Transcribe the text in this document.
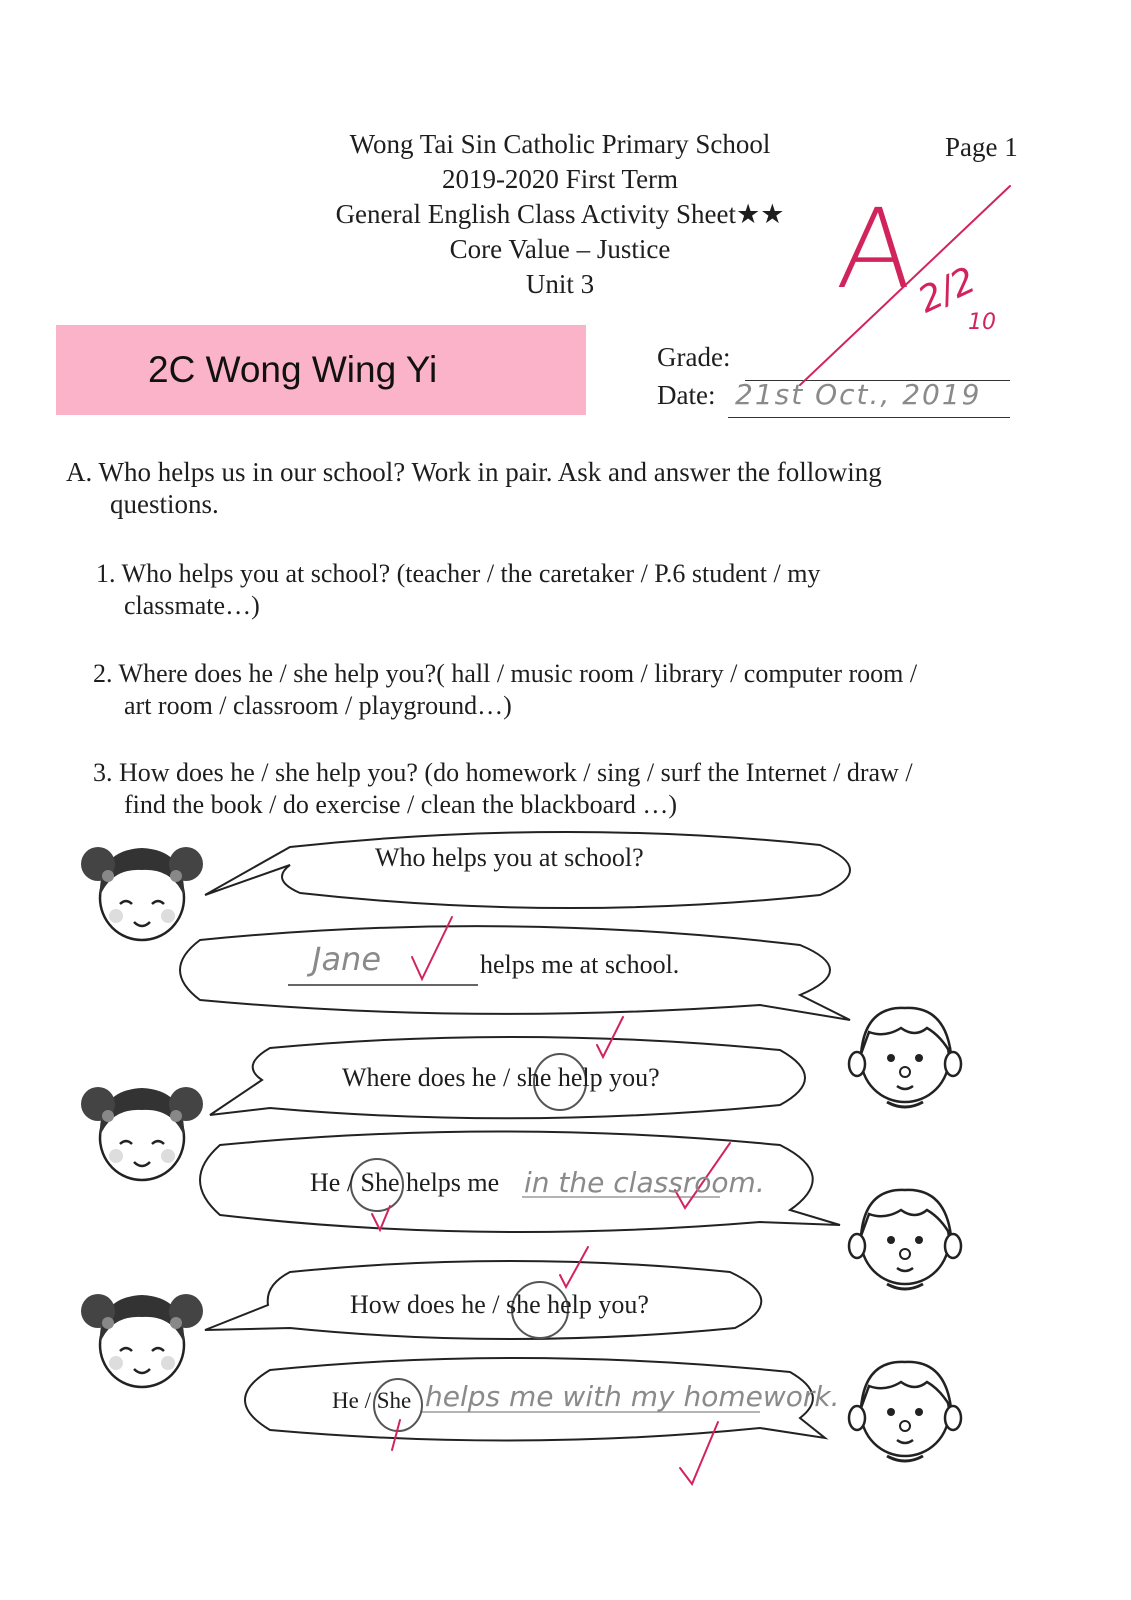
Wong Tai Sin Catholic Primary School
2019-2020 First Term
General English Class Activity Sheet★★
Core Value – Justice
Unit 3
Page 1
2C Wong Wing Yi	Grade:
Date: 21st Oct., 2019
A
2/2
10
A. Who helps us in our school? Work in pair. Ask and answer the following
questions.
1. Who helps you at school? (teacher / the caretaker / P.6 student / my
classmate…)
2. Where does he / she help you?( hall / music room / library / computer room /
art room / classroom / playground…)
3. How does he / she help you? (do homework / sing / surf the Internet / draw /
find the book / do exercise / clean the blackboard …)
Who helps you at school?
Jane	helps me at school.
Where does he / she help you?
He / She helps me in the classroom.
How does he / she help you?
He / She helps me with my homework.
